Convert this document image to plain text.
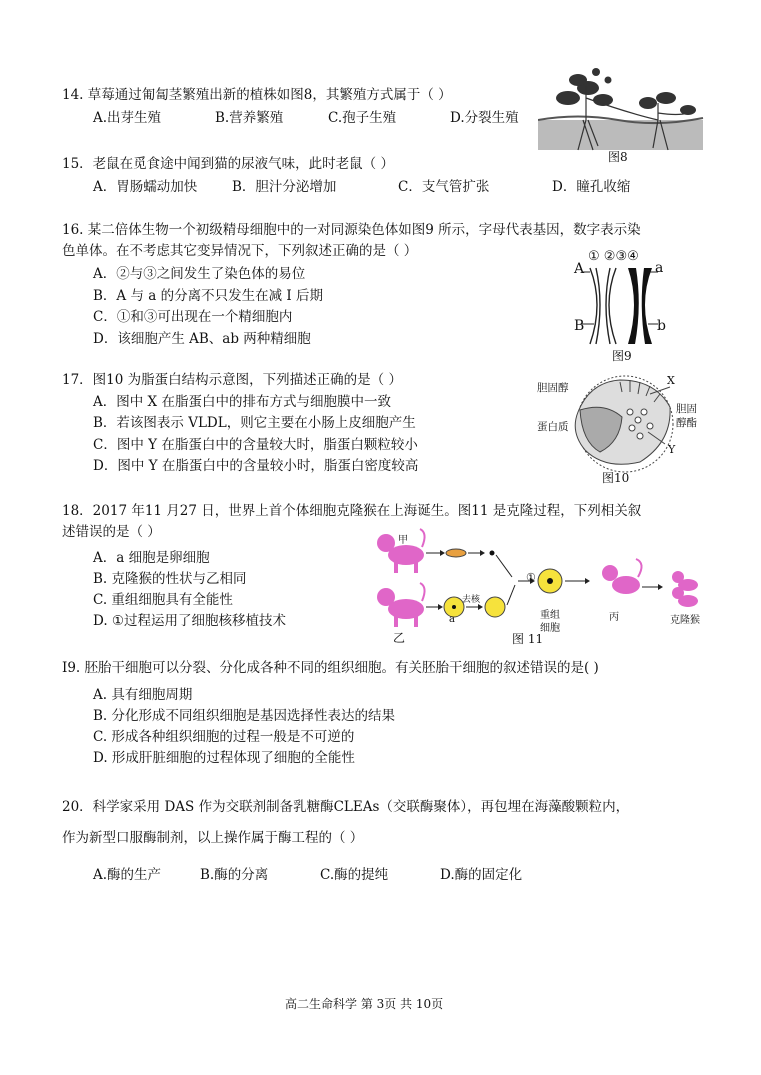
14. 草莓通过匍匐茎繁殖出新的植株如图8，其繁殖方式属于（ ）
A.出芽生殖	B.营养繁殖	C.孢子生殖	D.分裂生殖
图8
15．老鼠在觅食途中闻到猫的尿液气味，此时老鼠（ ）
A．胃肠蠕动加快	B．胆汁分泌增加	C．支气管扩张	D．瞳孔收缩
16. 某二倍体生物一个初级精母细胞中的一对同源染色体如图9 所示，字母代表基因，数字表示染
色单体。在不考虑其它变异情况下，下列叙述正确的是（ ）
A．②与③之间发生了染色体的易位
B．A 与 a 的分离不只发生在减 I 后期
C．①和③可出现在一个精细胞内
D．该细胞产生 AB、ab 两种精细胞
① ②③④
A	a
B	b
图9
17．图10 为脂蛋白结构示意图，下列描述正确的是（ ）
A．图中 X 在脂蛋白中的排布方式与细胞膜中一致
B．若该图表示 VLDL，则它主要在小肠上皮细胞产生
C．图中 Y 在脂蛋白中的含量较大时，脂蛋白颗粒较小
D．图中 Y 在脂蛋白中的含量较小时，脂蛋白密度较高
胆固醇
蛋白质
胆固
醇酯
X
Y
图10
18．2017 年11 月27 日，世界上首个体细胞克隆猴在上海诞生。图11 是克隆过程，下列相关叙
述错误的是（ ）
A．a 细胞是卵细胞
B. 克隆猴的性状与乙相同
C. 重组细胞具有全能性
D. ①过程运用了细胞核移植技术
甲
乙
a
去核
①
重组
细胞
丙	克隆猴
图 11
I9. 胚胎干细胞可以分裂、分化成各种不同的组织细胞。有关胚胎干细胞的叙述错误的是( )
A. 具有细胞周期
B. 分化形成不同组织细胞是基因选择性表达的结果
C. 形成各种组织细胞的过程一般是不可逆的
D. 形成肝脏细胞的过程体现了细胞的全能性
20．科学家采用 DAS 作为交联剂制备乳糖酶CLEAs（交联酶聚体），再包埋在海藻酸颗粒内，
作为新型口服酶制剂，以上操作属于酶工程的（ ）
A.酶的生产	B.酶的分离	C.酶的提纯	D.酶的固定化
高二生命科学 第 3页 共 10页
